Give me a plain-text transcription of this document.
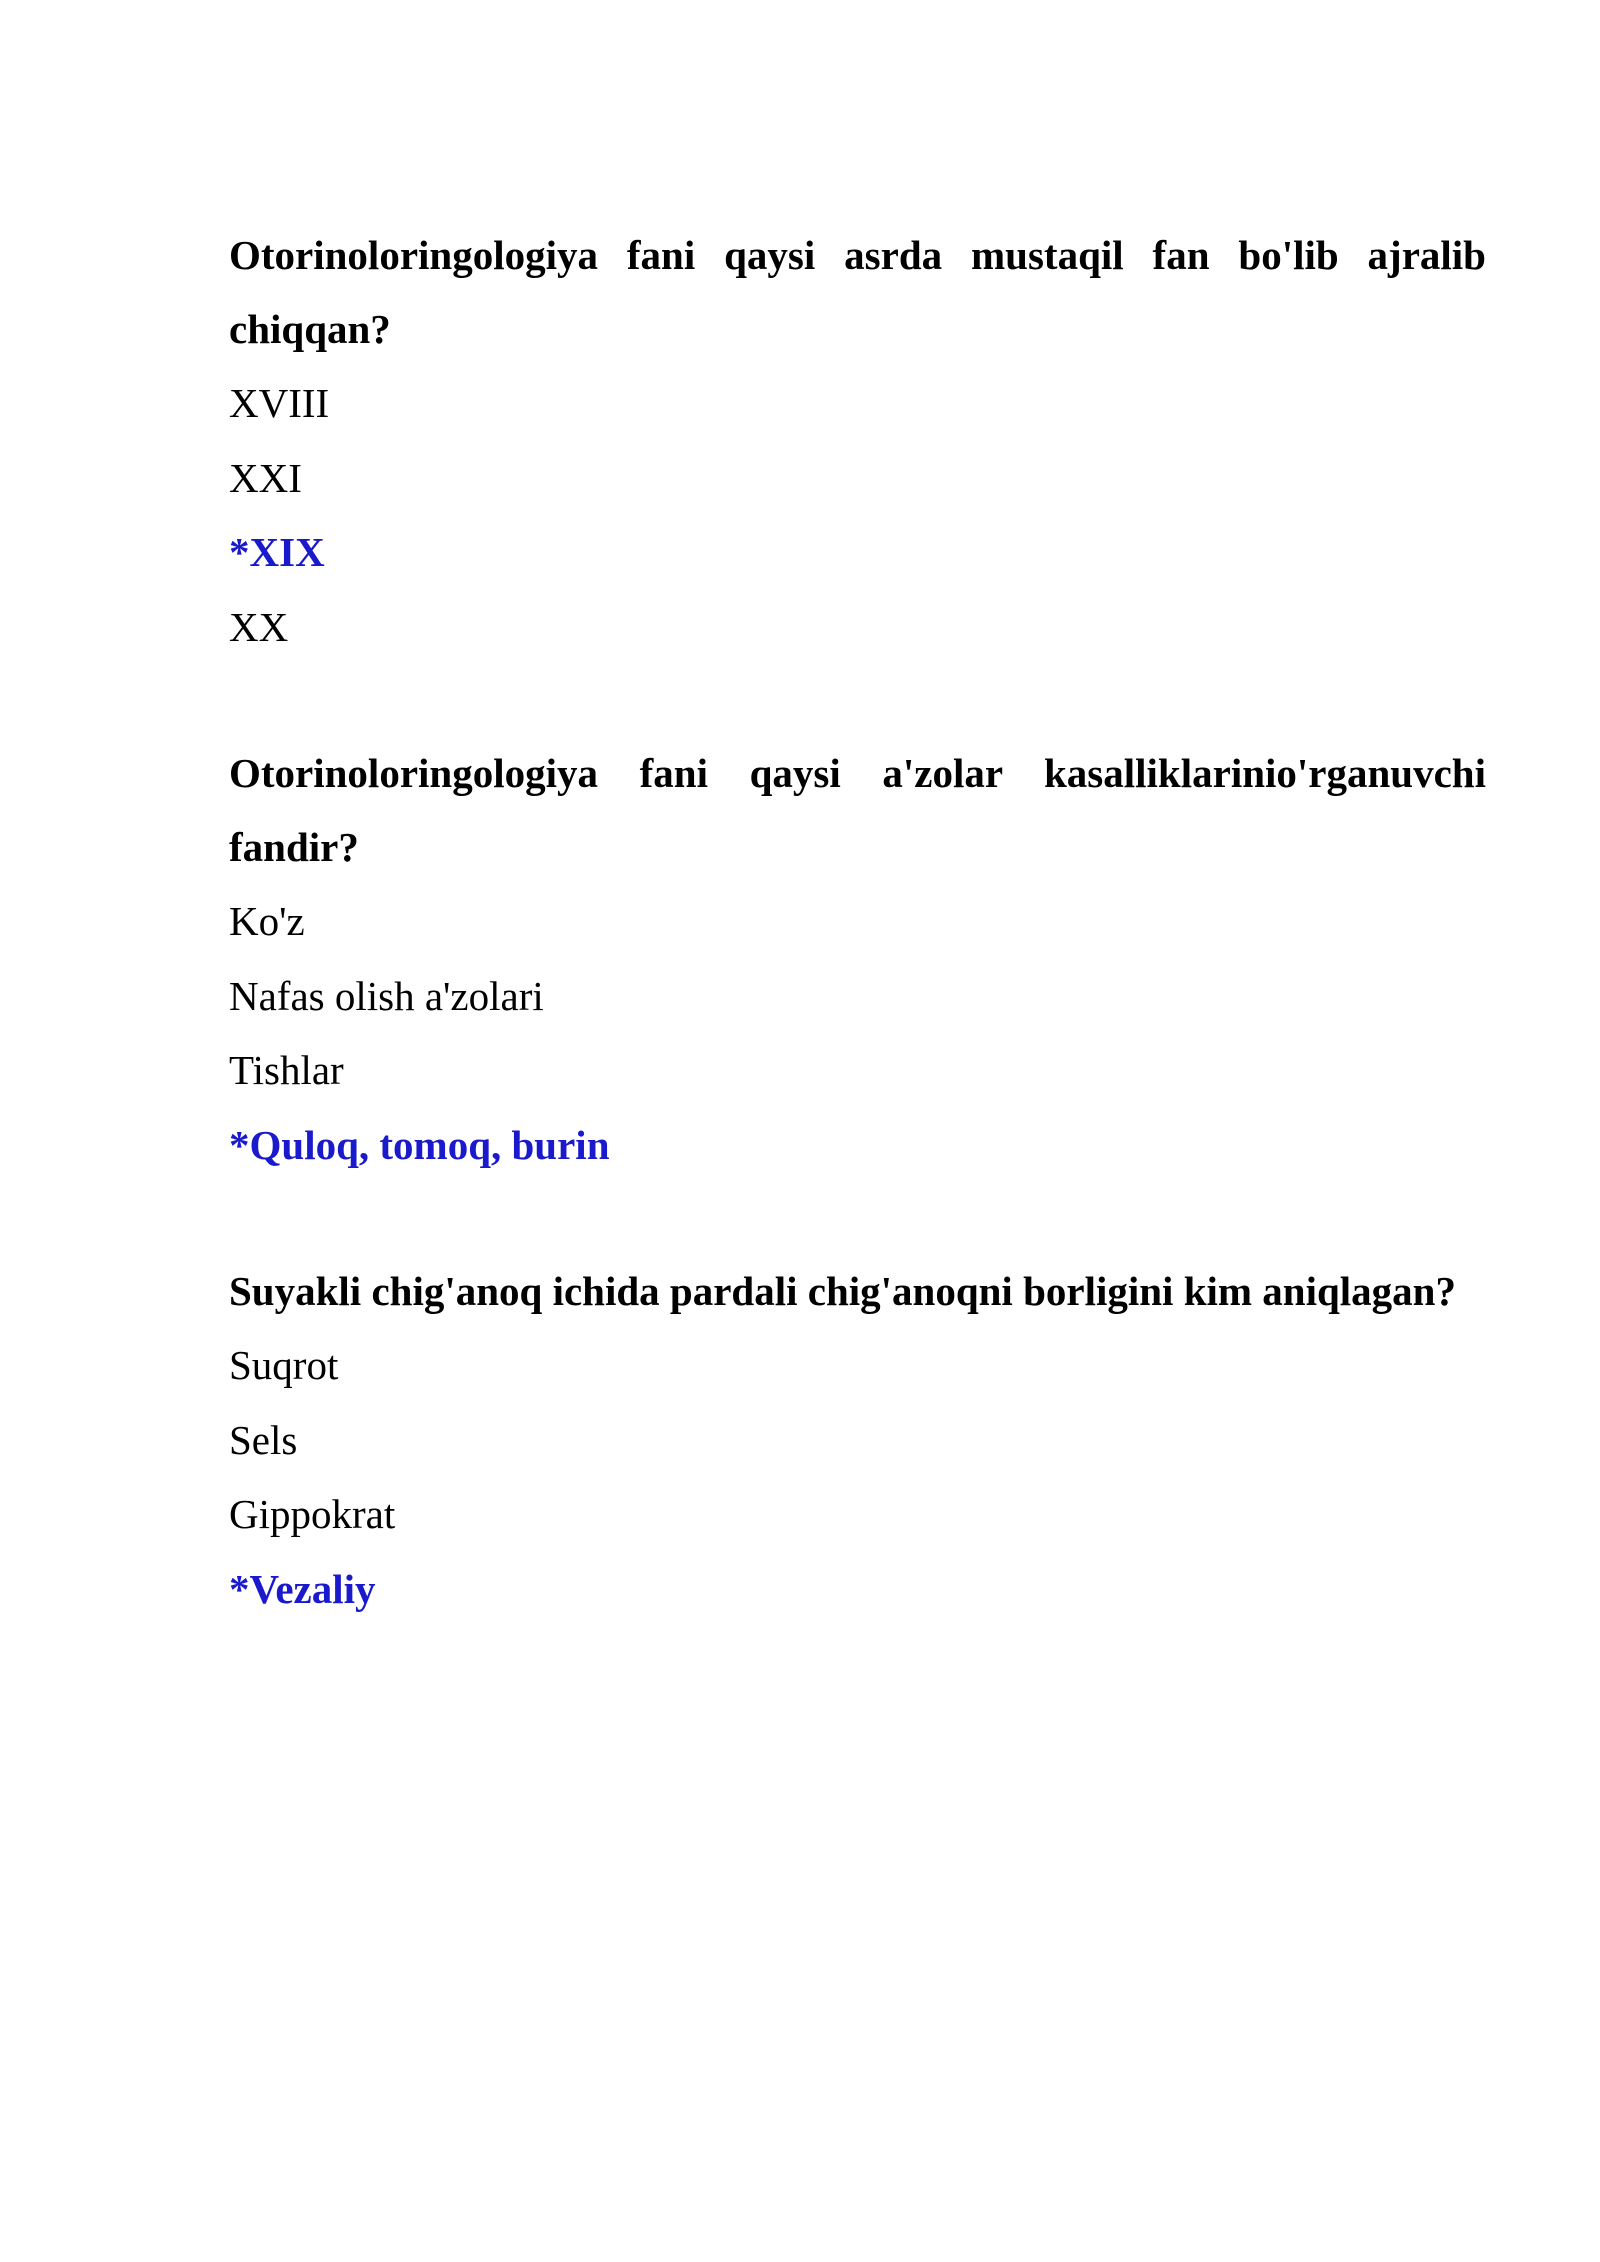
Otorinoloringologiya fani qaysi asrda mustaqil fan bo'lib ajralib chiqqan?

XVIII
XXI
*XIX
XX

Otorinoloringologiya fani qaysi a'zolar kasalliklarinio'rganuvchi fandir?

Ko'z
Nafas olish a'zolari
Tishlar
*Quloq, tomoq, burin

Suyakli chig'anoq ichida pardali chig'anoqni borligini kim aniqlagan?

Suqrot
Sels
Gippokrat
*Vezaliy
